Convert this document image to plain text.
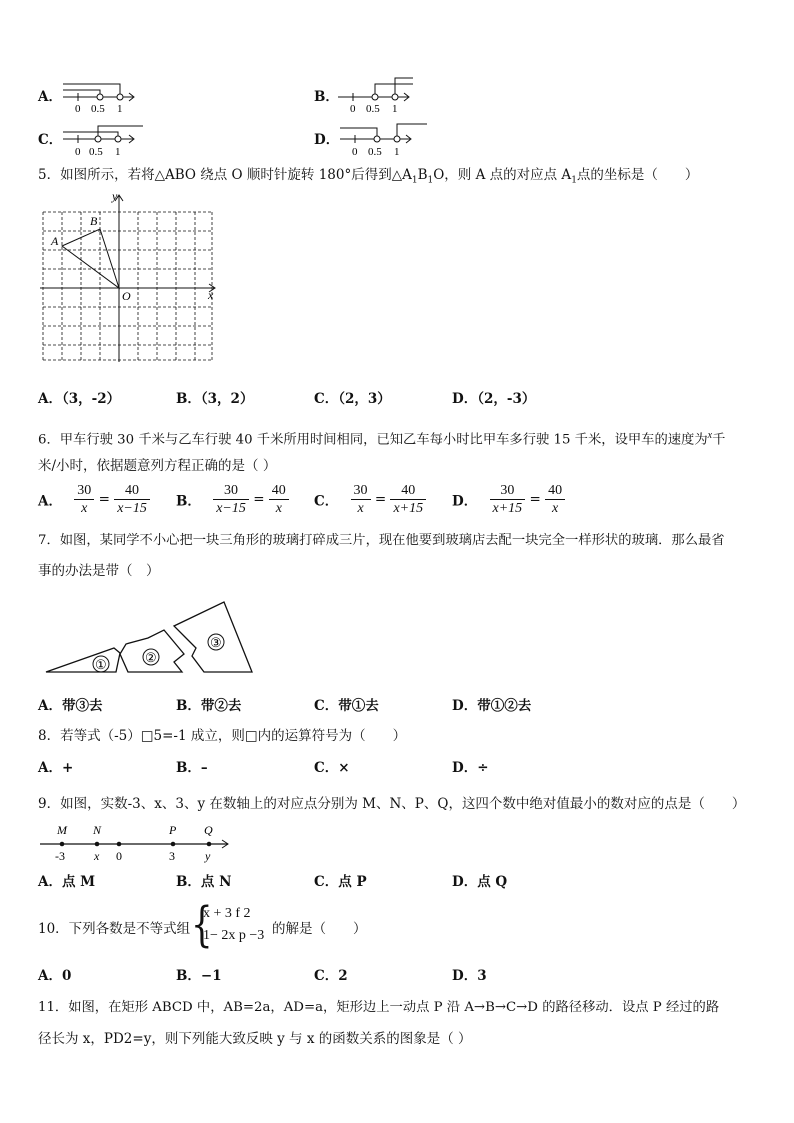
A．
0 0.5 1
B．
0 0.5 1
C．
0 0.5 1
D．
0 0.5 1
5．如图所示，若将△ABO 绕点 O 顺时针旋转 180°后得到$\triangle A_1B_1O$，则 A 点的对应点 $A_1$点的坐标是（　　）
y
x
O
A
B
A．（3，-2）	B．（3，2）	C．（2，3）	D．（2，-3）
6．甲车行驶 30 千米与乙车行驶 40 千米所用时间相同，已知乙车每小时比甲车多行驶 15 千米，设甲车的速度为$^x$千
米/小时，依据题意列方程正确的是（ ）
A． $\frac{30}{x} = \frac{40}{x-15}$ B． $\frac{30}{x-15} = \frac{40}{x}$ C． $\frac{30}{x} = \frac{40}{x+15}$ D． $\frac{30}{x+15} = \frac{40}{x}$
7．如图，某同学不小心把一块三角形的玻璃打碎成三片，现在他要到玻璃店去配一块完全一样形状的玻璃．那么最省
事的办法是带（　）
①	②
③
A．带③去	B．带②去	C．带①去	D．带①②去
8．若等式（-5）□5=-1 成立，则□内的运算符号为（　　）
A．+	B．–	C．×	D．÷
9．如图，实数-3、x、3、y 在数轴上的对应点分别为 M、N、P、Q，这四个数中绝对值最小的数对应的点是（　　）
M N	P Q
-3 x 0	3	y
A．点 M	B．点 N	C．点 P	D．点 Q
10．下列各数是不等式组 {
x + 3 f 2
1− 2x p −3 的解是（　　）
A．0	B．−1	C．2	D．3
11．如图，在矩形 ABCD 中，AB=2a，AD=a，矩形边上一动点 P 沿 A→B→C→D 的路径移动．设点 P 经过的路
径长为 x，PD2=y，则下列能大致反映 y 与 x 的函数关系的图象是（ ）
